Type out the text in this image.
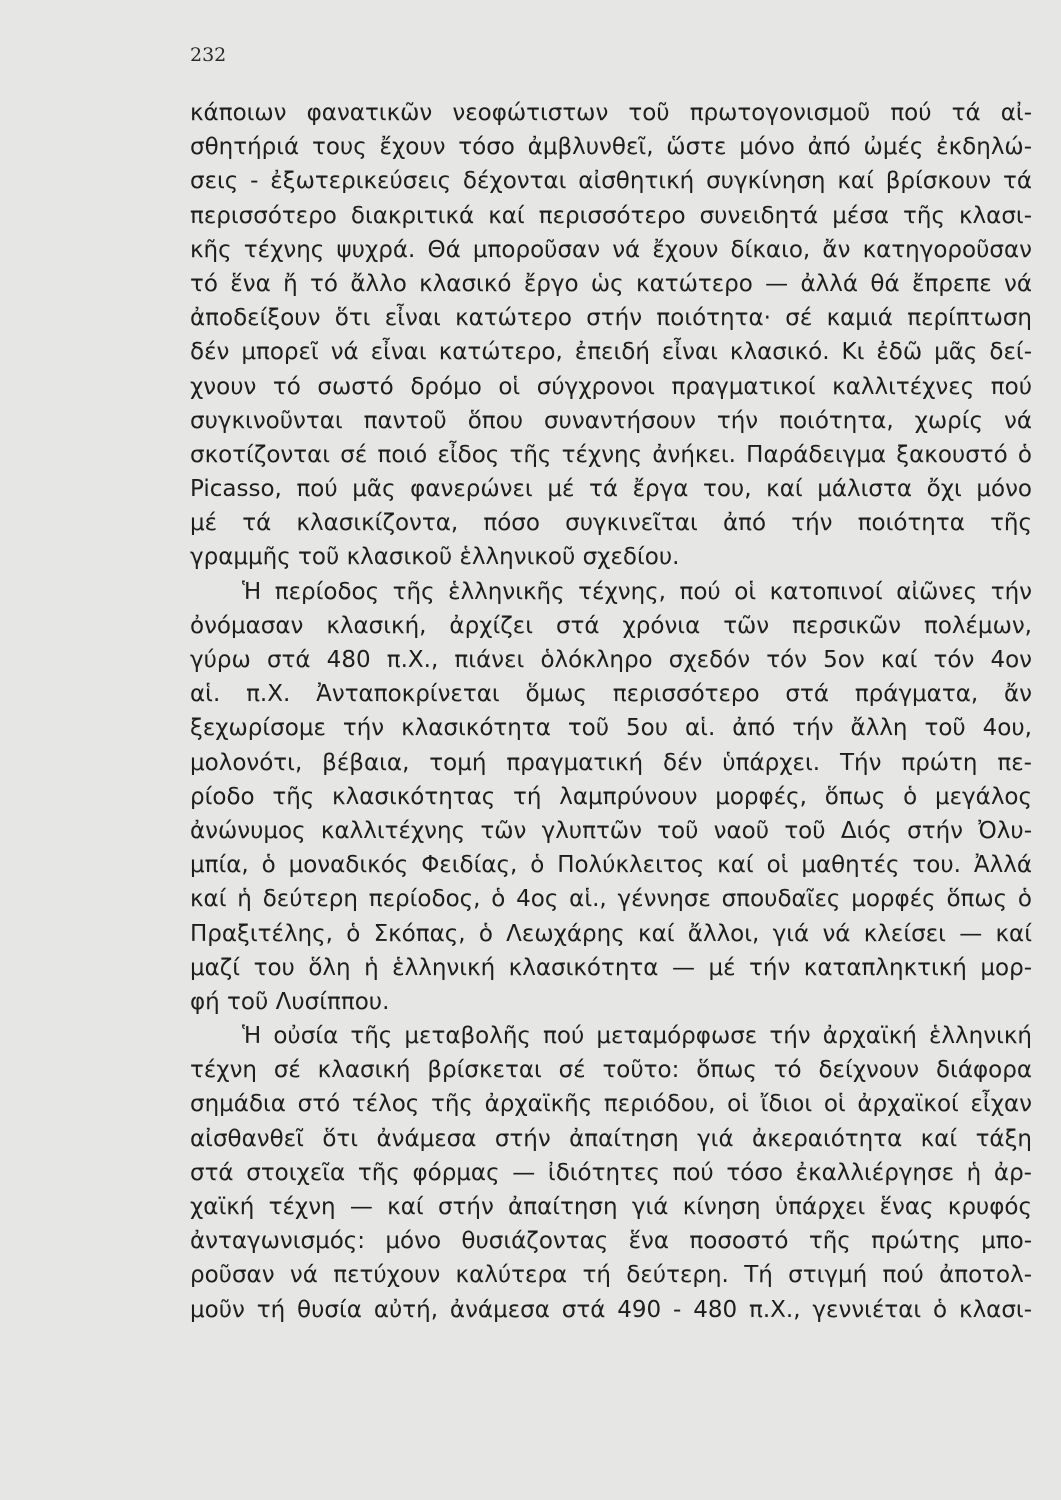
232
κάποιων φανατικῶν νεοφώτιστων τοῦ πρωτογονισμοῦ πού τά αἰ-
σθητήριά τους ἔχουν τόσο ἀμβλυνθεῖ, ὥστε μόνο ἀπό ὠμές ἐκδηλώ-
σεις - ἐξωτερικεύσεις δέχονται αἰσθητική συγκίνηση καί βρίσκουν τά
περισσότερο διακριτικά καί περισσότερο συνειδητά μέσα τῆς κλασι-
κῆς τέχνης ψυχρά. Θά μποροῦσαν νά ἔχουν δίκαιο, ἄν κατηγοροῦσαν
τό ἕνα ἤ τό ἄλλο κλασικό ἔργο ὡς κατώτερο — ἀλλά θά ἔπρεπε νά
ἀποδείξουν ὅτι εἶναι κατώτερο στήν ποιότητα· σέ καμιά περίπτωση
δέν μπορεῖ νά εἶναι κατώτερο, ἐπειδή εἶναι κλασικό. Κι ἐδῶ μᾶς δεί-
χνουν τό σωστό δρόμο οἱ σύγχρονοι πραγματικοί καλλιτέχνες πού
συγκινοῦνται παντοῦ ὅπου συναντήσουν τήν ποιότητα, χωρίς νά
σκοτίζονται σέ ποιό εἶδος τῆς τέχνης ἀνήκει. Παράδειγμα ξακουστό ὁ
Picasso, πού μᾶς φανερώνει μέ τά ἔργα του, καί μάλιστα ὄχι μόνο
μέ τά κλασικίζοντα, πόσο συγκινεῖται ἀπό τήν ποιότητα τῆς
γραμμῆς τοῦ κλασικοῦ ἑλληνικοῦ σχεδίου.
Ἡ περίοδος τῆς ἑλληνικῆς τέχνης, πού οἱ κατοπινοί αἰῶνες τήν
ὀνόμασαν κλασική, ἀρχίζει στά χρόνια τῶν περσικῶν πολέμων,
γύρω στά 480 π.Χ., πιάνει ὁλόκληρο σχεδόν τόν 5ον καί τόν 4ον
αἱ. π.Χ. Ἀνταποκρίνεται ὅμως περισσότερο στά πράγματα, ἄν
ξεχωρίσομε τήν κλασικότητα τοῦ 5ου αἱ. ἀπό τήν ἄλλη τοῦ 4ου,
μολονότι, βέβαια, τομή πραγματική δέν ὑπάρχει. Τήν πρώτη πε-
ρίοδο τῆς κλασικότητας τή λαμπρύνουν μορφές, ὅπως ὁ μεγάλος
ἀνώνυμος καλλιτέχνης τῶν γλυπτῶν τοῦ ναοῦ τοῦ Διός στήν Ὀλυ-
μπία, ὁ μοναδικός Φειδίας, ὁ Πολύκλειτος καί οἱ μαθητές του. Ἀλλά
καί ἡ δεύτερη περίοδος, ὁ 4ος αἱ., γέννησε σπουδαῖες μορφές ὅπως ὁ
Πραξιτέλης, ὁ Σκόπας, ὁ Λεωχάρης καί ἄλλοι, γιά νά κλείσει — καί
μαζί του ὅλη ἡ ἑλληνική κλασικότητα — μέ τήν καταπληκτική μορ-
φή τοῦ Λυσίππου.
Ἡ οὐσία τῆς μεταβολῆς πού μεταμόρφωσε τήν ἀρχαϊκή ἑλληνική
τέχνη σέ κλασική βρίσκεται σέ τοῦτο: ὅπως τό δείχνουν διάφορα
σημάδια στό τέλος τῆς ἀρχαϊκῆς περιόδου, οἱ ἴδιοι οἱ ἀρχαϊκοί εἶχαν
αἰσθανθεῖ ὅτι ἀνάμεσα στήν ἀπαίτηση γιά ἀκεραιότητα καί τάξη
στά στοιχεῖα τῆς φόρμας — ἰδιότητες πού τόσο ἐκαλλιέργησε ἡ ἀρ-
χαϊκή τέχνη — καί στήν ἀπαίτηση γιά κίνηση ὑπάρχει ἕνας κρυφός
ἀνταγωνισμός: μόνο θυσιάζοντας ἕνα ποσοστό τῆς πρώτης μπο-
ροῦσαν νά πετύχουν καλύτερα τή δεύτερη. Τή στιγμή πού ἀποτολ-
μοῦν τή θυσία αὐτή, ἀνάμεσα στά 490 - 480 π.Χ., γεννιέται ὁ κλασι-
